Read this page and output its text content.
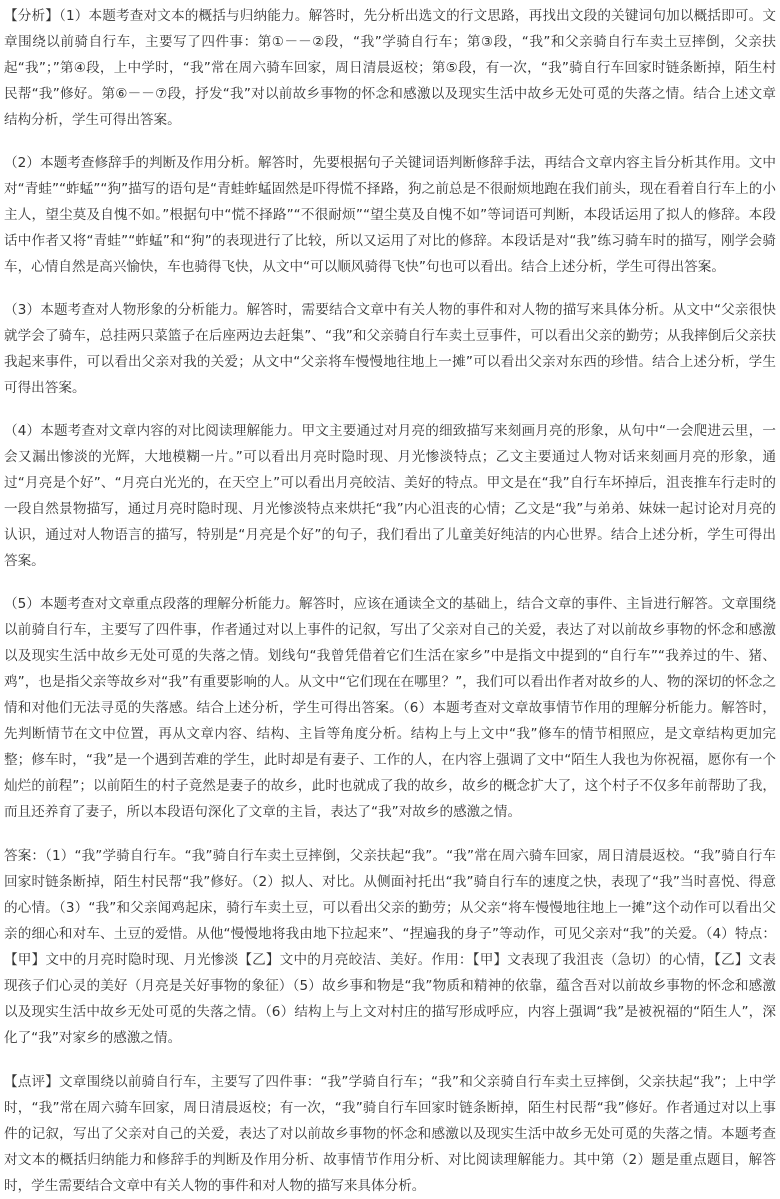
【分析】（1）本题考查对文本的概括与归纳能力。解答时，先分析出选文的行文思路，再找出文段的关键词句加以概括即可。文章围绕以前骑自行车，主要写了四件事：第①－－②段，“我”学骑自行车；第③段，“我”和父亲骑自行车卖土豆摔倒，父亲扶起“我”；”第④段，上中学时，“我”常在周六骑车回家，周日清晨返校；第⑤段，有一次，“我”骑自行车回家时链条断掉，陌生村民帮“我”修好。第⑥－－⑦段，抒发“我”对以前故乡事物的怀念和感激以及现实生活中故乡无处可觅的失落之情。结合上述文章结构分析，学生可得出答案。

（2）本题考查修辞手的判断及作用分析。解答时，先要根据句子关键词语判断修辞手法，再结合文章内容主旨分析其作用。文中对“青蛙”“蚱蜢”“狗”描写的语句是“青蛙蚱蜢固然是吓得慌不择路，狗之前总是不很耐烦地跑在我们前头，现在看着自行车上的小主人，望尘莫及自愧不如。”根据句中“慌不择路”“不很耐烦”“望尘莫及自愧不如”等词语可判断，本段话运用了拟人的修辞。本段话中作者又将“青蛙”“蚱蜢”和“狗”的表现进行了比较，所以又运用了对比的修辞。本段话是对“我”练习骑车时的描写，刚学会骑车，心情自然是高兴愉快，车也骑得飞快，从文中“可以顺风骑得飞快”句也可以看出。结合上述分析，学生可得出答案。

（3）本题考查对人物形象的分析能力。解答时，需要结合文章中有关人物的事件和对人物的描写来具体分析。从文中“父亲很快就学会了骑车，总挂两只菜篮子在后座两边去赶集”、“我”和父亲骑自行车卖土豆事件，可以看出父亲的勤劳；从我摔倒后父亲扶我起来事件，可以看出父亲对我的关爱；从文中“父亲将车慢慢地往地上一摊”可以看出父亲对东西的珍惜。结合上述分析，学生可得出答案。

（4）本题考查对文章内容的对比阅读理解能力。甲文主要通过对月亮的细致描写来刻画月亮的形象，从句中“一会爬进云里，一会又漏出惨淡的光辉，大地模糊一片。”可以看出月亮时隐时现、月光惨淡特点；乙文主要通过人物对话来刻画月亮的形象，通过“月亮是个好”、“月亮白光光的，在天空上”可以看出月亮皎洁、美好的特点。甲文是在“我”自行车坏掉后，沮丧推车行走时的一段自然景物描写，通过月亮时隐时现、月光惨淡特点来烘托“我”内心沮丧的心情；乙文是“我”与弟弟、妹妹一起讨论对月亮的认识，通过对人物语言的描写，特别是“月亮是个好”的句子，我们看出了儿童美好纯洁的内心世界。结合上述分析，学生可得出答案。

（5）本题考查对文章重点段落的理解分析能力。解答时，应该在通读全文的基础上，结合文章的事件、主旨进行解答。文章围绕以前骑自行车，主要写了四件事，作者通过对以上事件的记叙，写出了父亲对自己的关爱，表达了对以前故乡事物的怀念和感激以及现实生活中故乡无处可觅的失落之情。划线句“我曾凭借着它们生活在家乡”中是指文中提到的“自行车”“我养过的牛、猪、鸡”，也是指父亲等故乡对“我”有重要影响的人。从文中“它们现在在哪里？”，我们可以看出作者对故乡的人、物的深切的怀念之情和对他们无法寻觅的失落感。结合上述分析，学生可得出答案。（6）本题考查对文章故事情节作用的理解分析能力。解答时，先判断情节在文中位置，再从文章内容、结构、主旨等角度分析。结构上与上文中“我”修车的情节相照应，是文章结构更加完整；修车时，“我”是一个遇到苦难的学生，此时却是有妻子、工作的人，在内容上强调了文中“陌生人我也为你祝福，愿你有一个灿烂的前程”；以前陌生的村子竟然是妻子的故乡，此时也就成了我的故乡，故乡的概念扩大了，这个村子不仅多年前帮助了我，而且还养育了妻子，所以本段语句深化了文章的主旨，表达了“我”对故乡的感激之情。

答案：（1）“我”学骑自行车。“我”骑自行车卖土豆摔倒，父亲扶起“我”。“我”常在周六骑车回家，周日清晨返校。“我”骑自行车回家时链条断掉，陌生村民帮“我”修好。（2）拟人、对比。从侧面衬托出“我”骑自行车的速度之快，表现了“我”当时喜悦、得意的心情。（3）“我”和父亲闻鸡起床，骑行车卖土豆，可以看出父亲的勤劳；从父亲“将车慢慢地往地上一摊”这个动作可以看出父亲的细心和对车、土豆的爱惜。从他“慢慢地将我由地下拉起来”、“捏遍我的身子”等动作，可见父亲对“我”的关爱。（4）特点：【甲】文中的月亮时隐时现、月光惨淡【乙】文中的月亮皎洁、美好。作用：【甲】文表现了我沮丧（急切）的心情，【乙】文表现孩子们心灵的美好（月亮是关好事物的象征）（5）故乡事和物是“我”物质和精神的依靠，蕴含吾对以前故乡事物的怀念和感激以及现实生活中故乡无处可觅的失落之情。（6）结构上与上文对村庄的描写形成呼应，内容上强调“我”是被祝福的“陌生人”，深化了“我”对家乡的感激之情。

【点评】文章围绕以前骑自行车，主要写了四件事：“我”学骑自行车；“我”和父亲骑自行车卖土豆摔倒，父亲扶起“我”；上中学时，“我”常在周六骑车回家，周日清晨返校；有一次，“我”骑自行车回家时链条断掉，陌生村民帮“我”修好。作者通过对以上事件的记叙，写出了父亲对自己的关爱，表达了对以前故乡事物的怀念和感激以及现实生活中故乡无处可觅的失落之情。本题考查对文本的概括归纳能力和修辞手的判断及作用分析、故事情节作用分析、对比阅读理解能力。其中第（2）题是重点题目，解答时，学生需要结合文章中有关人物的事件和对人物的描写来具体分析。
